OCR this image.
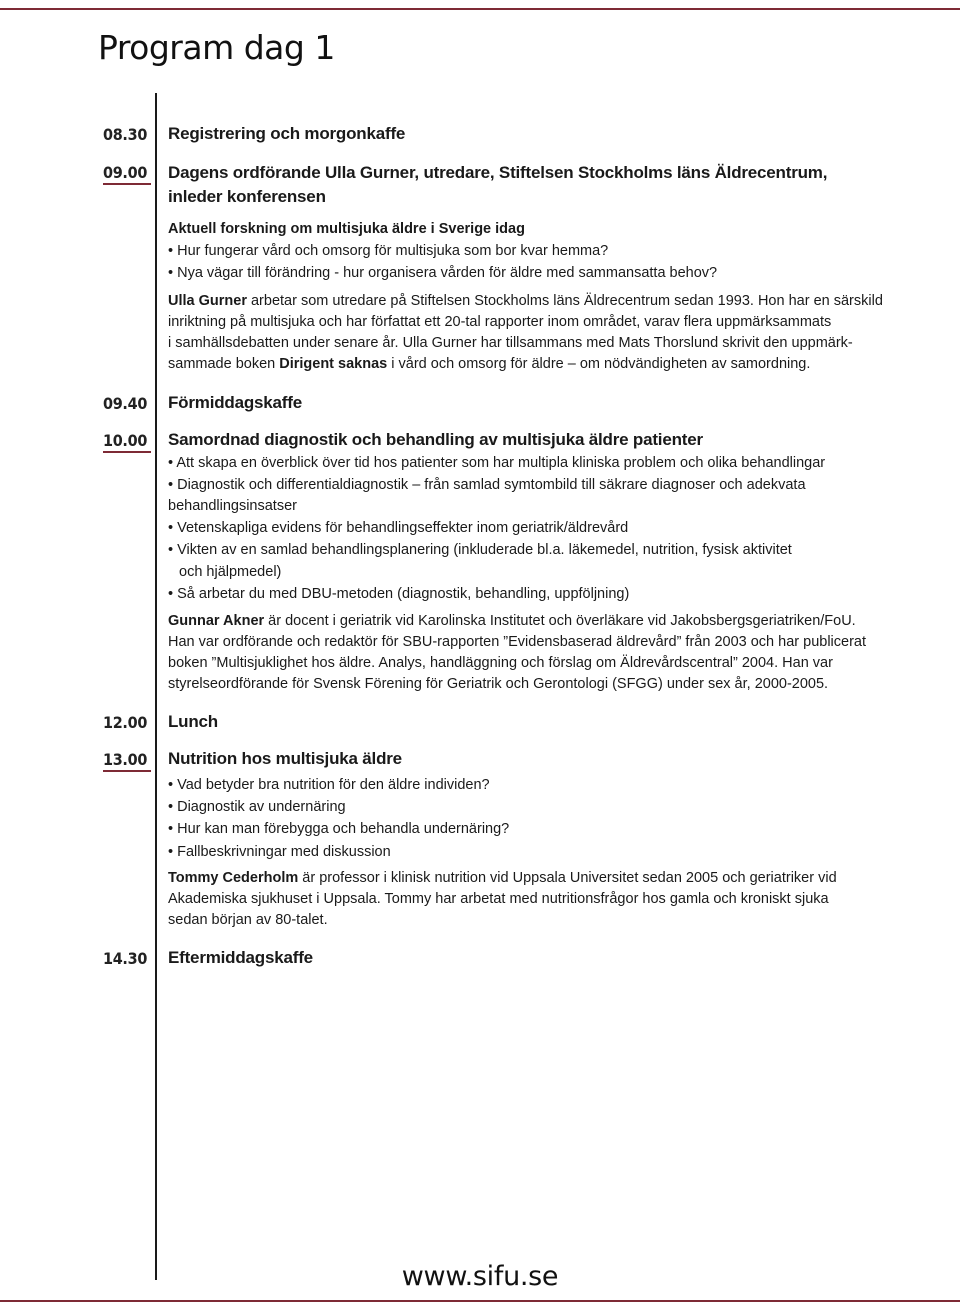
Program dag 1
08.30 Registrering och morgonkaffe
09.00 Dagens ordförande Ulla Gurner, utredare, Stiftelsen Stockholms läns Äldrecentrum,
inleder konferensen
Aktuell forskning om multisjuka äldre i Sverige idag
• Hur fungerar vård och omsorg för multisjuka som bor kvar hemma?
• Nya vägar till förändring - hur organisera vården för äldre med sammansatta behov?
Ulla Gurner arbetar som utredare på Stiftelsen Stockholms läns Äldrecentrum sedan 1993. Hon har en särskild
inriktning på multisjuka och har författat ett 20-tal rapporter inom området, varav flera uppmärksammats
i samhällsdebatten under senare år. Ulla Gurner har tillsammans med Mats Thorslund skrivit den uppmärk-
sammade boken Dirigent saknas i vård och omsorg för äldre – om nödvändigheten av samordning.
09.40 Förmiddagskaffe
10.00 Samordnad diagnostik och behandling av multisjuka äldre patienter
• Att skapa en överblick över tid hos patienter som har multipla kliniska problem och olika behandlingar
• Diagnostik och differentialdiagnostik – från samlad symtombild till säkrare diagnoser och adekvata
behandlingsinsatser
• Vetenskapliga evidens för behandlingseffekter inom geriatrik/äldrevård
• Vikten av en samlad behandlingsplanering (inkluderade bl.a. läkemedel, nutrition, fysisk aktivitet
och hjälpmedel)
• Så arbetar du med DBU-metoden (diagnostik, behandling, uppföljning)
Gunnar Akner är docent i geriatrik vid Karolinska Institutet och överläkare vid Jakobsbergsgeriatriken/FoU.
Han var ordförande och redaktör för SBU-rapporten ”Evidensbaserad äldrevård” från 2003 och har publicerat
boken ”Multisjuklighet hos äldre. Analys, handläggning och förslag om Äldrevårdscentral” 2004. Han var
styrelseordförande för Svensk Förening för Geriatrik och Gerontologi (SFGG) under sex år, 2000-2005.
12.00 Lunch
13.00 Nutrition hos multisjuka äldre
• Vad betyder bra nutrition för den äldre individen?
• Diagnostik av undernäring
• Hur kan man förebygga och behandla undernäring?
• Fallbeskrivningar med diskussion
Tommy Cederholm är professor i klinisk nutrition vid Uppsala Universitet sedan 2005 och geriatriker vid
Akademiska sjukhuset i Uppsala. Tommy har arbetat med nutritionsfrågor hos gamla och kroniskt sjuka
sedan början av 80-talet.
14.30 Eftermiddagskaffe
www.sifu.se
